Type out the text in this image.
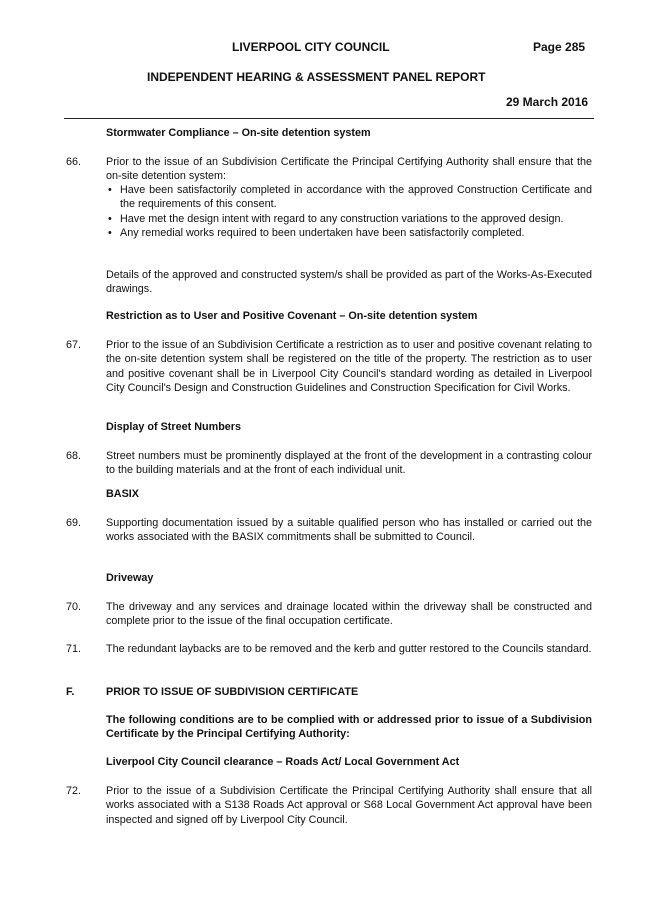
LIVERPOOL CITY COUNCIL	Page 285
INDEPENDENT HEARING & ASSESSMENT PANEL REPORT
29 March 2016
Stormwater Compliance – On-site detention system
66. Prior to the issue of an Subdivision Certificate the Principal Certifying Authority shall ensure that the on-site detention system:
• Have been satisfactorily completed in accordance with the approved Construction Certificate and the requirements of this consent.
• Have met the design intent with regard to any construction variations to the approved design.
• Any remedial works required to been undertaken have been satisfactorily completed.
Details of the approved and constructed system/s shall be provided as part of the Works-As-Executed drawings.
Restriction as to User and Positive Covenant – On-site detention system
67. Prior to the issue of an Subdivision Certificate a restriction as to user and positive covenant relating to the on-site detention system shall be registered on the title of the property. The restriction as to user and positive covenant shall be in Liverpool City Council's standard wording as detailed in Liverpool City Council's Design and Construction Guidelines and Construction Specification for Civil Works.
Display of Street Numbers
68. Street numbers must be prominently displayed at the front of the development in a contrasting colour to the building materials and at the front of each individual unit.
BASIX
69. Supporting documentation issued by a suitable qualified person who has installed or carried out the works associated with the BASIX commitments shall be submitted to Council.
Driveway
70. The driveway and any services and drainage located within the driveway shall be constructed and complete prior to the issue of the final occupation certificate.
71. The redundant laybacks are to be removed and the kerb and gutter restored to the Councils standard.
F.	PRIOR TO ISSUE OF SUBDIVISION CERTIFICATE
The following conditions are to be complied with or addressed prior to issue of a Subdivision Certificate by the Principal Certifying Authority:
Liverpool City Council clearance – Roads Act/ Local Government Act
72. Prior to the issue of a Subdivision Certificate the Principal Certifying Authority shall ensure that all works associated with a S138 Roads Act approval or S68 Local Government Act approval have been inspected and signed off by Liverpool City Council.
